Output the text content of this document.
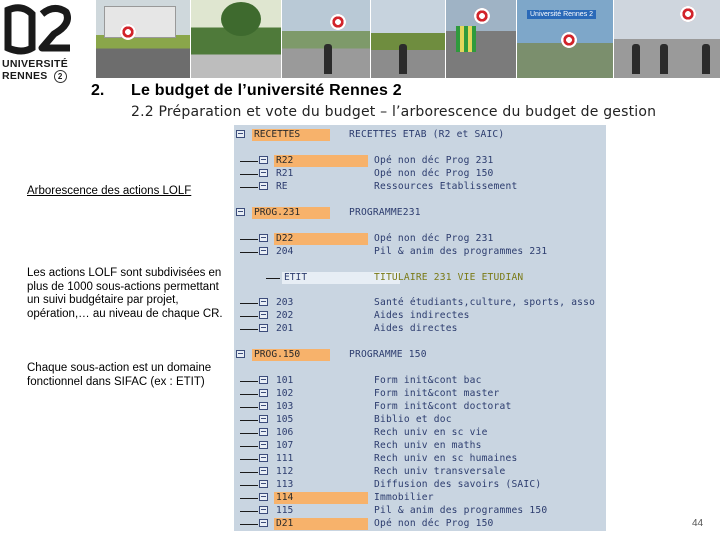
UNIVERSITÉ
RENNES 2
Université Rennes 2
2. Le budget de l’université Rennes 2
2.2 Préparation et vote du budget – l’arborescence du budget de gestion
Arborescence des actions LOLF
Les actions LOLF sont subdivisées en plus de 1000 sous-actions permettant un suivi budgétaire par projet, opération,… au niveau de chaque CR.
Chaque sous-action est un domaine fonctionnel dans SIFAC (ex : ETIT)
RECETTES	RECETTES ETAB (R2 et SAIC)
R22	Opé non déc Prog 231
R21	Opé non déc Prog 150
RE	Ressources Etablissement
PROG.231	PROGRAMME231
D22	Opé non déc Prog 231
204	Pil & anim des programmes 231
ETIT	TITULAIRE 231 VIE ETUDIAN
203	Santé étudiants,culture, sports, asso
202	Aides indirectes
201	Aides directes
PROG.150	PROGRAMME 150
101	Form init&cont bac
102	Form init&cont master
103	Form init&cont doctorat
105	Biblio et doc
106	Rech univ en sc vie
107	Rech univ en maths
111	Rech univ en sc humaines
112	Rech univ transversale
113	Diffusion des savoirs (SAIC)
114	Immobilier
115	Pil & anim des programmes 150
D21	Opé non déc Prog 150	44
